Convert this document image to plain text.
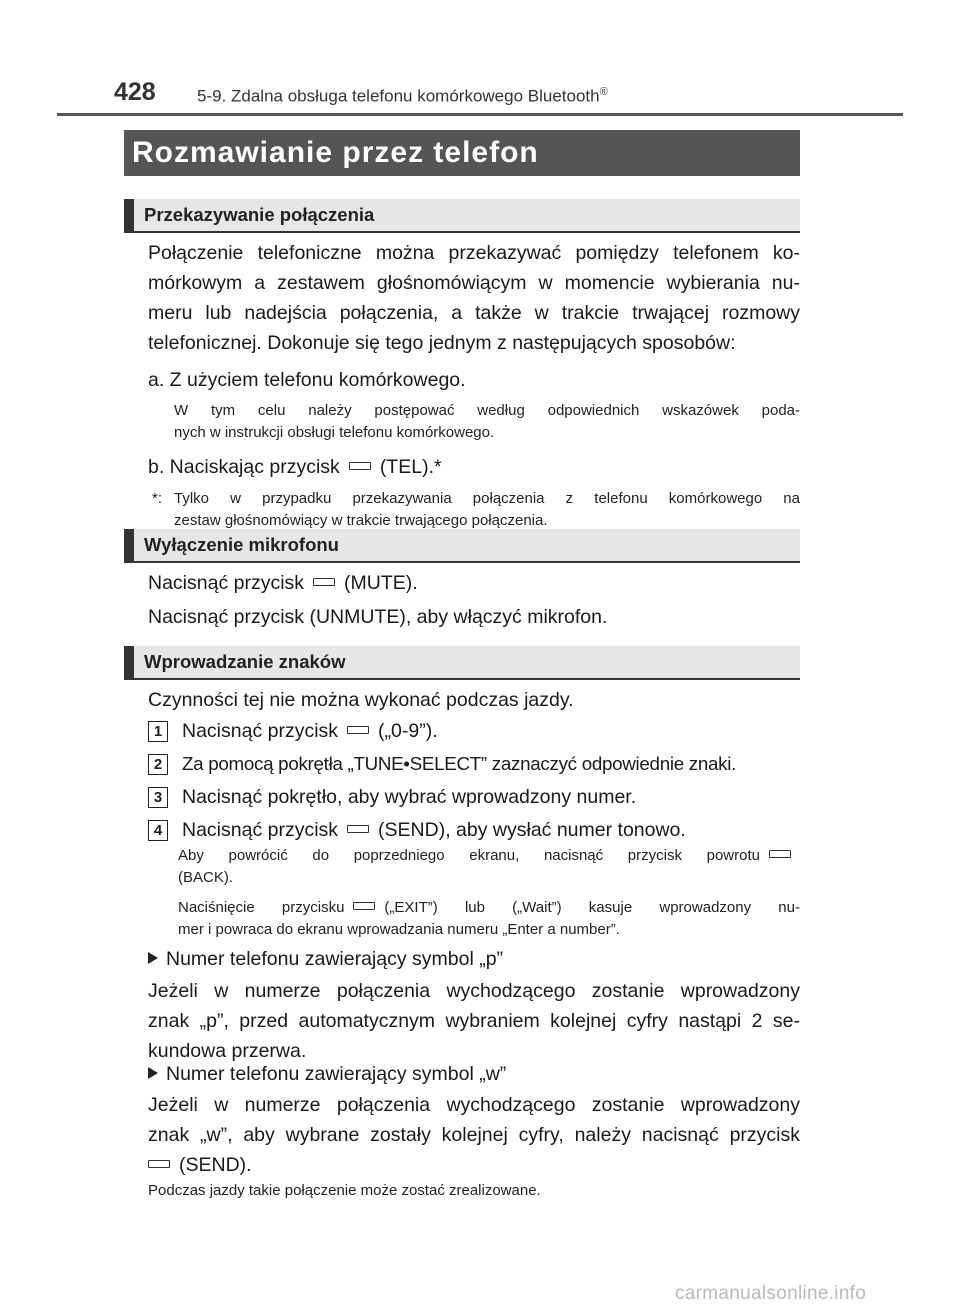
428 5-9. Zdalna obsługa telefonu komórkowego Bluetooth®
Rozmawianie przez telefon
Przekazywanie połączenia
Połączenie telefoniczne można przekazywać pomiędzy telefonem ko-
mórkowym a zestawem głośnomówiącym w momencie wybierania nu-
meru lub nadejścia połączenia, a także w trakcie trwającej rozmowy
telefonicznej. Dokonuje się tego jednym z następujących sposobów:
a. Z użyciem telefonu komórkowego.
W tym celu należy postępować według odpowiednich wskazówek poda-
nych w instrukcji obsługi telefonu komórkowego.
b. Naciskając przycisk (TEL).*
*: Tylko w przypadku przekazywania połączenia z telefonu komórkowego na
zestaw głośnomówiący w trakcie trwającego połączenia.
Wyłączenie mikrofonu
Nacisnąć przycisk (MUTE).
Nacisnąć przycisk (UNMUTE), aby włączyć mikrofon.
Wprowadzanie znaków
Czynności tej nie można wykonać podczas jazdy.
1 Nacisnąć przycisk („0-9”).
2	Za pomocą pokrętła „TUNE•SELECT” zaznaczyć odpowiednie znaki.
3 Nacisnąć pokrętło, aby wybrać wprowadzony numer.
4 Nacisnąć przycisk (SEND), aby wysłać numer tonowo.
Aby powrócić do poprzedniego ekranu, nacisnąć przycisk powrotu
(BACK).
Naciśnięcie przycisku	(„EXIT”) lub („Wait”) kasuje wprowadzony nu-
mer i powraca do ekranu wprowadzania numeru „Enter a number”.
Numer telefonu zawierający symbol „p”
Jeżeli w numerze połączenia wychodzącego zostanie wprowadzony
znak „p”, przed automatycznym wybraniem kolejnej cyfry nastąpi 2 se-
kundowa przerwa.
Numer telefonu zawierający symbol „w”
Jeżeli w numerze połączenia wychodzącego zostanie wprowadzony
znak „w”, aby wybrane zostały kolejnej cyfry, należy nacisnąć przycisk
(SEND).
Podczas jazdy takie połączenie może zostać zrealizowane.
carmanualsonline.info
